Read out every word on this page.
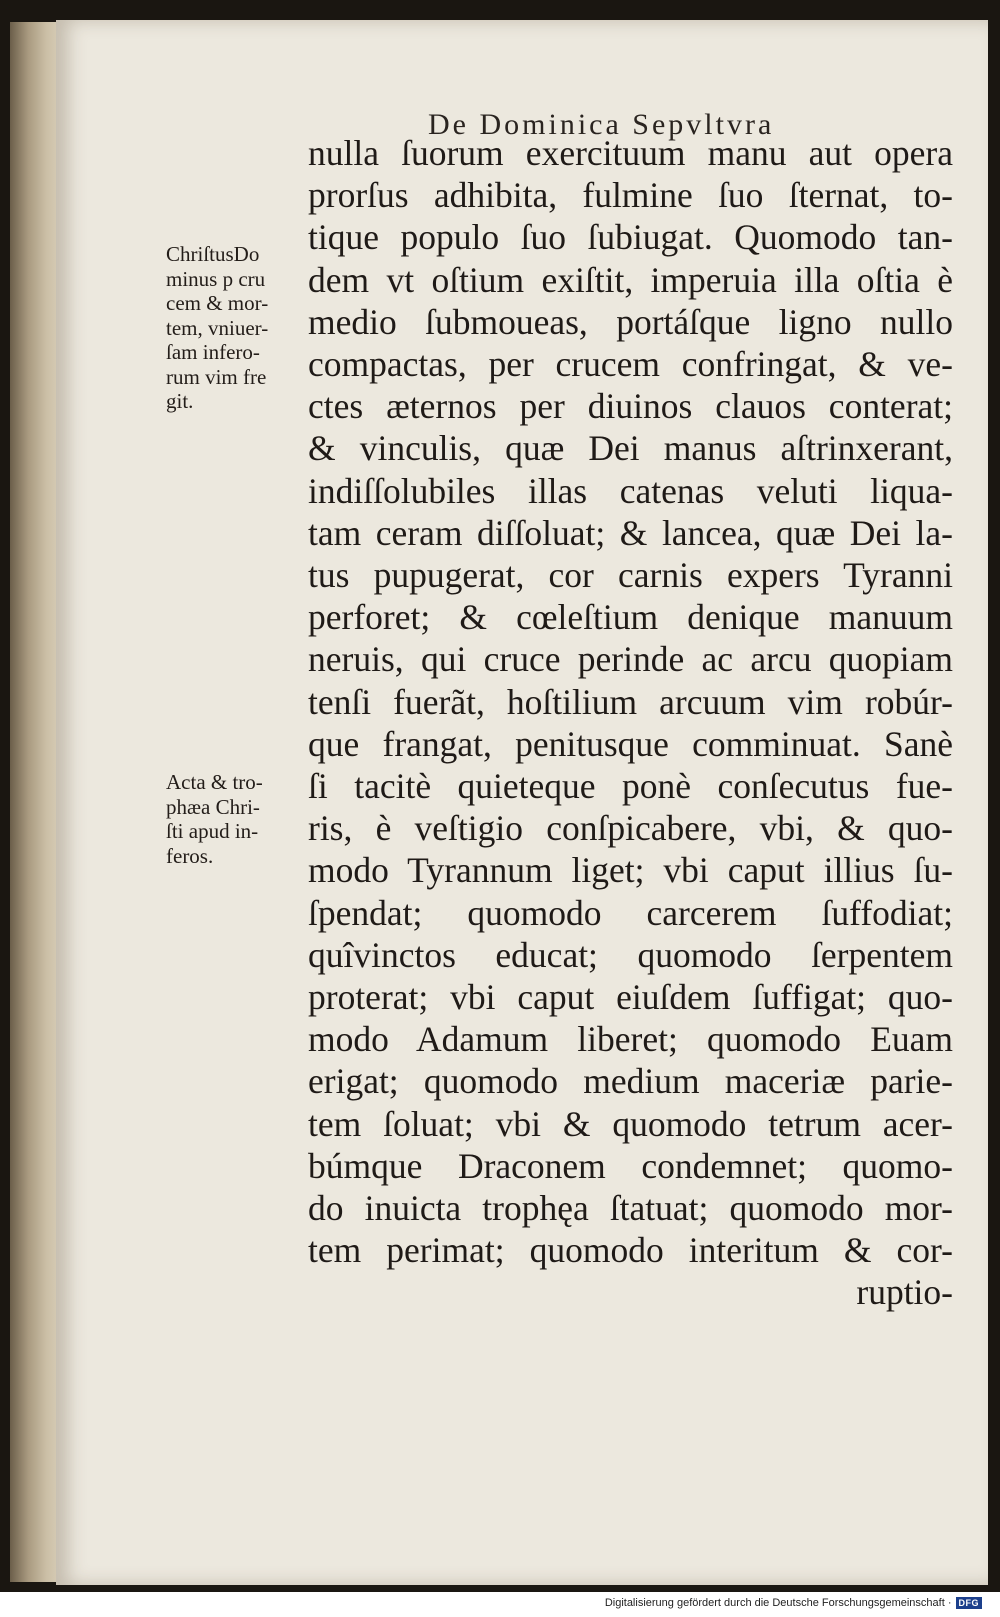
De Dominica Sepvltvra
nulla ſuorum exercituum manu aut opera
prorſus adhibita, fulmine ſuo ſternat, to-
tique populo ſuo ſubiugat. Quomodo tan-
dem vt oſtium exiſtit, imperuia illa oſtia è
medio ſubmoueas, portáſque ligno nullo
compactas, per crucem confringat, & ve-
ctes æternos per diuinos clauos conterat;
& vinculis, quæ Dei manus aſtrinxerant,
indiſſolubiles illas catenas veluti liqua-
tam ceram diſſoluat; & lancea, quæ Dei la-
tus pupugerat, cor carnis expers Tyranni
perforet; & cœleſtium denique manuum
neruis, qui cruce perinde ac arcu quopiam
tenſi fuerãt, hoſtilium arcuum vim robúr-
que frangat, penitusque comminuat. Sanè
ſi tacitè quieteque ponè conſecutus fue-
ris, è veſtigio conſpicabere, vbi, & quo-
modo Tyrannum liget; vbi caput illius ſu-
ſpendat; quomodo carcerem ſuffodiat;
quîvinctos educat; quomodo ſerpentem
proterat; vbi caput eiuſdem ſuffigat; quo-
modo Adamum liberet; quomodo Euam
erigat; quomodo medium maceriæ parie-
tem ſoluat; vbi & quomodo tetrum acer-
búmque Draconem condemnet; quomo-
do inuicta trophęa ſtatuat; quomodo mor-
tem perimat; quomodo interitum & cor-
ruptio-
ChriſtusDo
minus p cru
cem & mor-
tem, vniuer-
ſam infero-
rum vim fre
git.
Acta & tro-
phæa Chri-
ſti apud in-
feros.
Digitalisierung gefördert durch die Deutsche Forschungsgemeinschaft · DFG
